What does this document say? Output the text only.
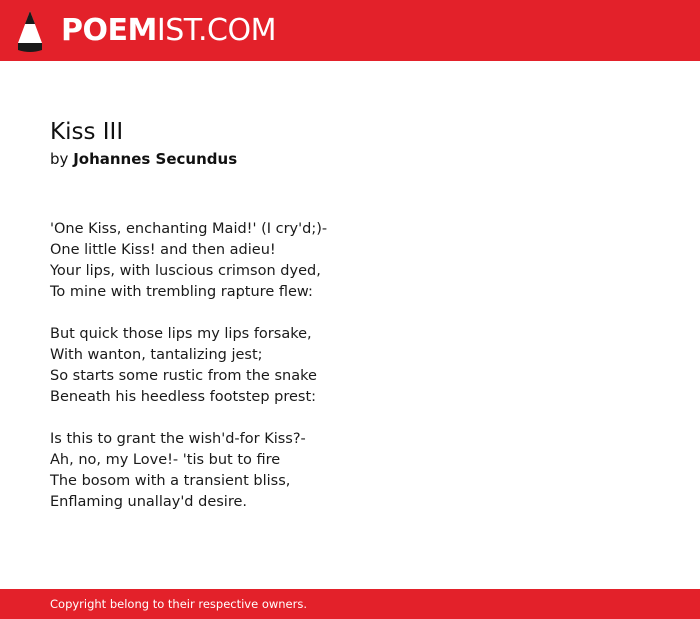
POEMIST.COM
Kiss III
by Johannes Secundus
'One Kiss, enchanting Maid!' (I cry'd;)-
One little Kiss! and then adieu!
Your lips, with luscious crimson dyed,
To mine with trembling rapture flew:
But quick those lips my lips forsake,
With wanton, tantalizing jest;
So starts some rustic from the snake
Beneath his heedless footstep prest:
Is this to grant the wish'd-for Kiss?-
Ah, no, my Love!- 'tis but to fire
The bosom with a transient bliss,
Enflaming unallay'd desire.
Copyright belong to their respective owners.
